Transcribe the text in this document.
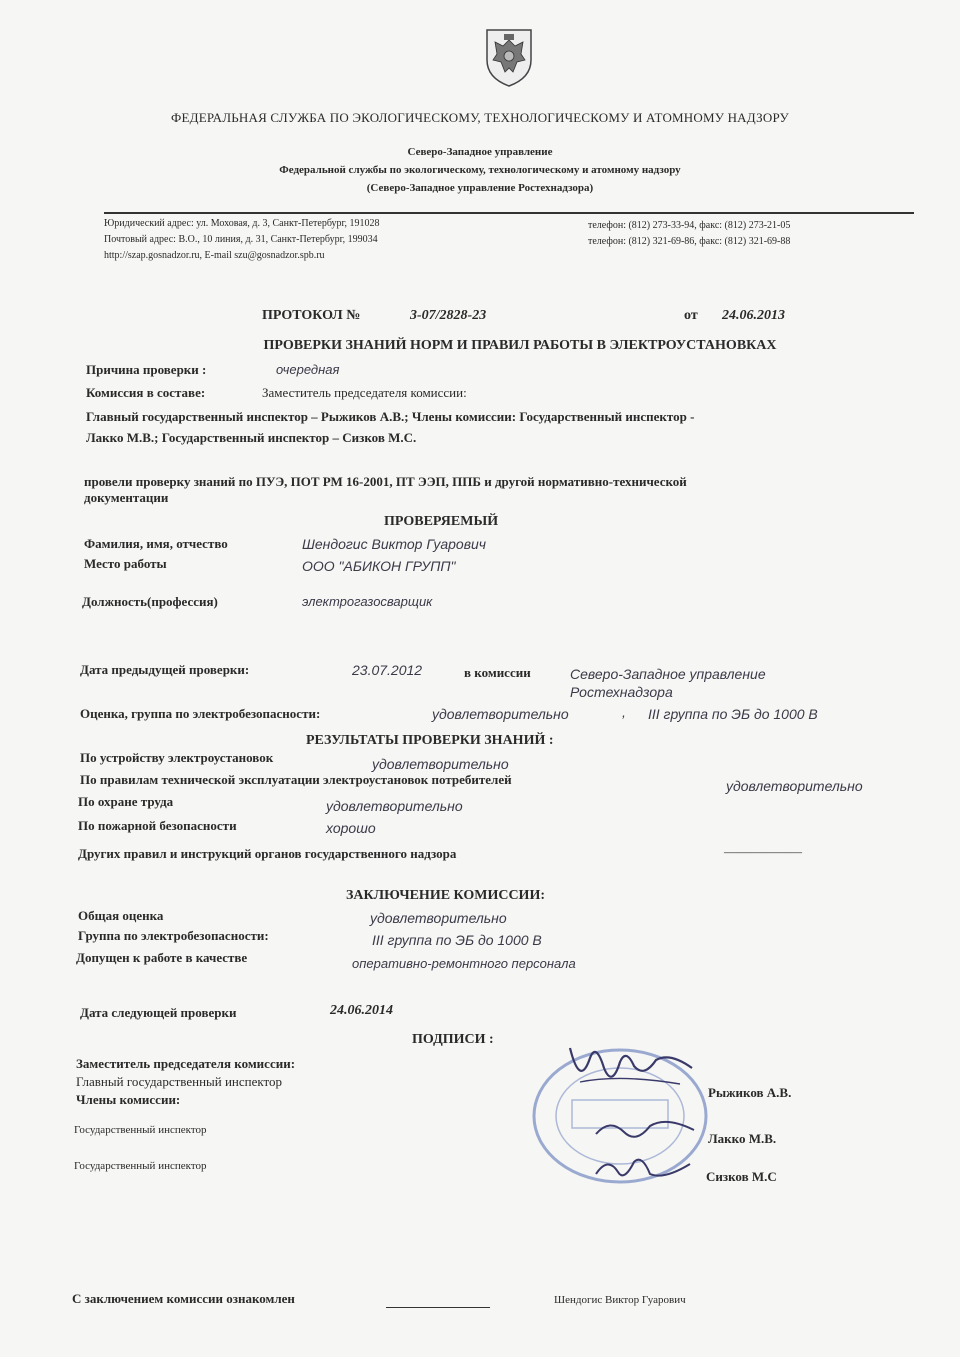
ФЕДЕРАЛЬНАЯ СЛУЖБА ПО ЭКОЛОГИЧЕСКОМУ, ТЕХНОЛОГИЧЕСКОМУ И АТОМНОМУ НАДЗОРУ
Северо-Западное управление
Федеральной службы по экологическому, технологическому и атомному надзору
(Северо-Западное управление Ростехнадзора)
Юридический адрес: ул. Моховая, д. 3, Санкт-Петербург, 191028
Почтовый адрес: В.О., 10 линия, д. 31, Санкт-Петербург, 199034
http://szap.gosnadzor.ru, E-mail szu@gosnadzor.spb.ru
телефон: (812) 273-33-94, факс: (812) 273-21-05
телефон: (812) 321-69-86, факс: (812) 321-69-88
ПРОТОКОЛ №	3-07/2828-23	от 24.06.2013
ПРОВЕРКИ ЗНАНИЙ НОРМ И ПРАВИЛ РАБОТЫ В ЭЛЕКТРОУСТАНОВКАХ
Причина проверки :	очередная
Комиссия в составе:	Заместитель председателя комиссии:
Главный государственный инспектор – Рыжиков А.В.; Члены комиссии: Государственный инспектор -
Лакко М.В.; Государственный инспектор – Сизков М.С.
провели проверку знаний по ПУЭ, ПОТ РМ 16-2001, ПТ ЭЭП, ППБ и другой нормативно-технической
документации
ПРОВЕРЯЕМЫЙ
Фамилия, имя, отчество	Шендогис Виктор Гуарович
Место работы	ООО "АБИКОН ГРУПП"
Должность(профессия)	электрогазосварщик
Дата предыдущей проверки:	23.07.2012	в комиссии	Северо-Западное управление
Ростехнадзора
Оценка, группа по электробезопасности:	удовлетворительно	, III группа по ЭБ до 1000 В
РЕЗУЛЬТАТЫ ПРОВЕРКИ ЗНАНИЙ :
По устройству электроустановок	удовлетворительно
По правилам технической эксплуатации электроустановок потребителей	удовлетворительно
По охране труда	удовлетворительно
По пожарной безопасности	хорошо
Других правил и инструкций органов государственного надзора	——————
ЗАКЛЮЧЕНИЕ КОМИССИИ:
Общая оценка	удовлетворительно
Группа по электробезопасности:	III группа по ЭБ до 1000 В
Допущен к работе в качестве	оперативно-ремонтного персонала
Дата следующей проверки	24.06.2014
ПОДПИСИ :
Заместитель председателя комиссии:
Главный государственный инспектор
Члены комиссии:
Государственный инспектор
Государственный инспектор
Рыжиков А.В.
Лакко М.В.
Сизков М.С
С заключением комиссии ознакомлен	Шендогис Виктор Гуарович
